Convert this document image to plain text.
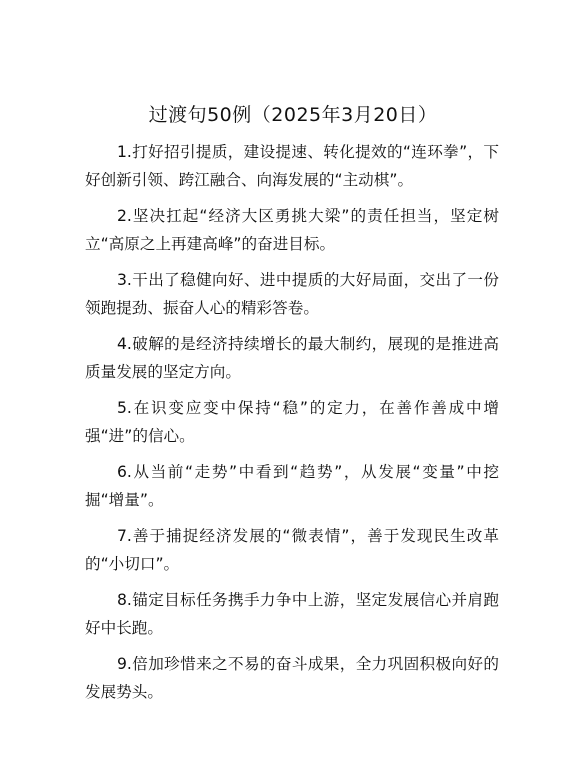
过渡句50例（2025年3月20日）

1.打好招引提质，建设提速、转化提效的“连环拳”，下好创新引领、跨江融合、向海发展的“主动棋”。

2.坚决扛起“经济大区勇挑大梁”的责任担当，坚定树立“高原之上再建高峰”的奋进目标。

3.干出了稳健向好、进中提质的大好局面，交出了一份领跑提劲、振奋人心的精彩答卷。

4.破解的是经济持续增长的最大制约，展现的是推进高质量发展的坚定方向。

5.在识变应变中保持“稳”的定力，在善作善成中增强“进”的信心。

6.从当前“走势”中看到“趋势”，从发展“变量”中挖掘“增量”。

7.善于捕捉经济发展的“微表情”，善于发现民生改革的“小切口”。

8.锚定目标任务携手力争中上游，坚定发展信心并肩跑好中长跑。

9.倍加珍惜来之不易的奋斗成果，全力巩固积极向好的发展势头。
